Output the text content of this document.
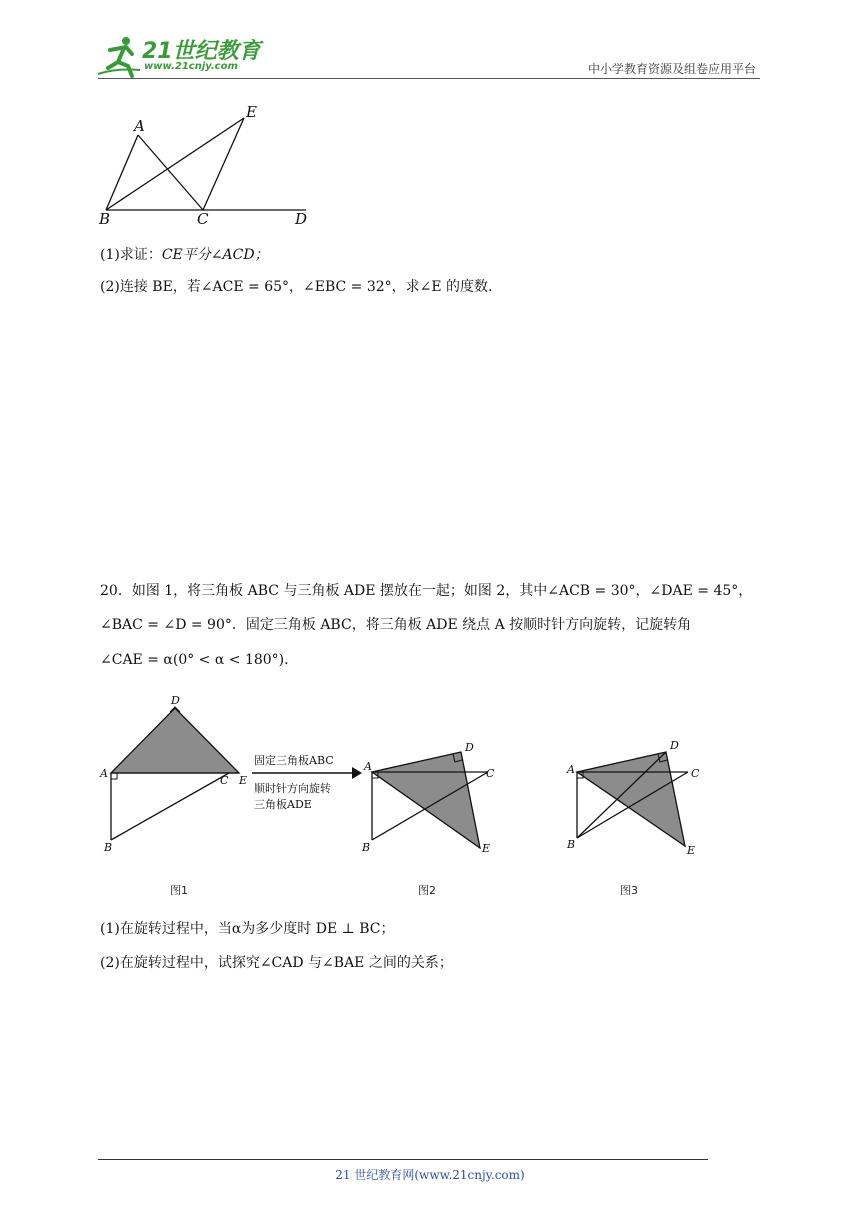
21世纪教育
www.21cnjy.com	中小学教育资源及组卷应用平台
A
E
B	C	D
(1)求证：CE平分∠ACD；
(2)连接 BE，若∠ACE = 65°，∠EBC = 32°，求∠E 的度数.
20．如图 1，将三角板 ABC 与三角板 ADE 摆放在一起；如图 2，其中∠ACB = 30°，∠DAE = 45°，
∠BAC = ∠D = 90°．固定三角板 ABC，将三角板 ADE 绕点 A 按顺时针方向旋转，记旋转角
∠CAE = α(0° < α < 180°).
D
A
C E
B
固定三角板ABC
顺时针方向旋转
三角板ADE
D
A
C
E
B
D
A	C
E
B
图1	图2	图3
(1)在旋转过程中，当α为多少度时 DE ⊥ BC；
(2)在旋转过程中，试探究∠CAD 与∠BAE 之间的关系；
21 世纪教育网(www.21cnjy.com)
